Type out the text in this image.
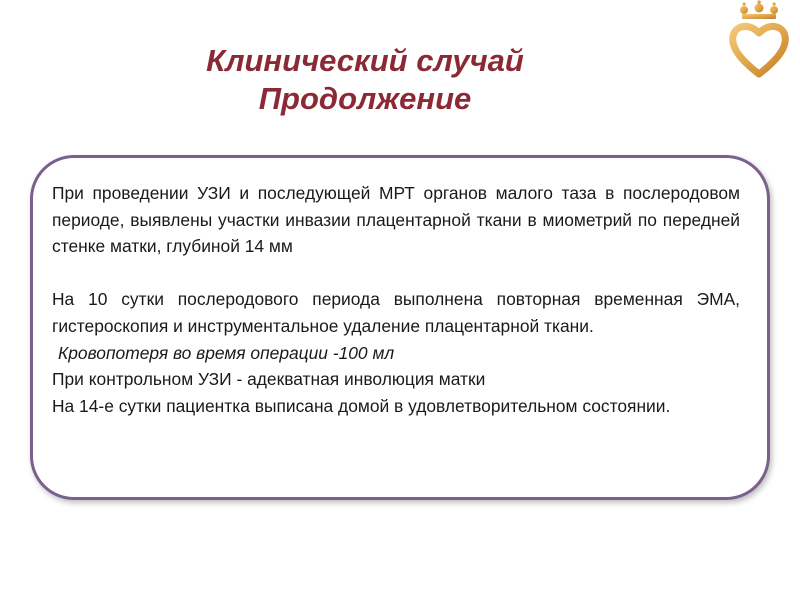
Клинический случай
Продолжение

При проведении УЗИ и последующей МРТ органов малого таза в послеродовом периоде, выявлены участки инвазии плацентарной ткани в миометрий по передней стенке матки, глубиной 14 мм

На 10 сутки послеродового периода выполнена повторная временная ЭМА, гистероскопия и инструментальное удаление плацентарной ткани.

Кровопотеря во время операции -100 мл

При контрольном УЗИ - адекватная инволюция матки

На 14-е сутки пациентка выписана домой в удовлетворительном состоянии.
